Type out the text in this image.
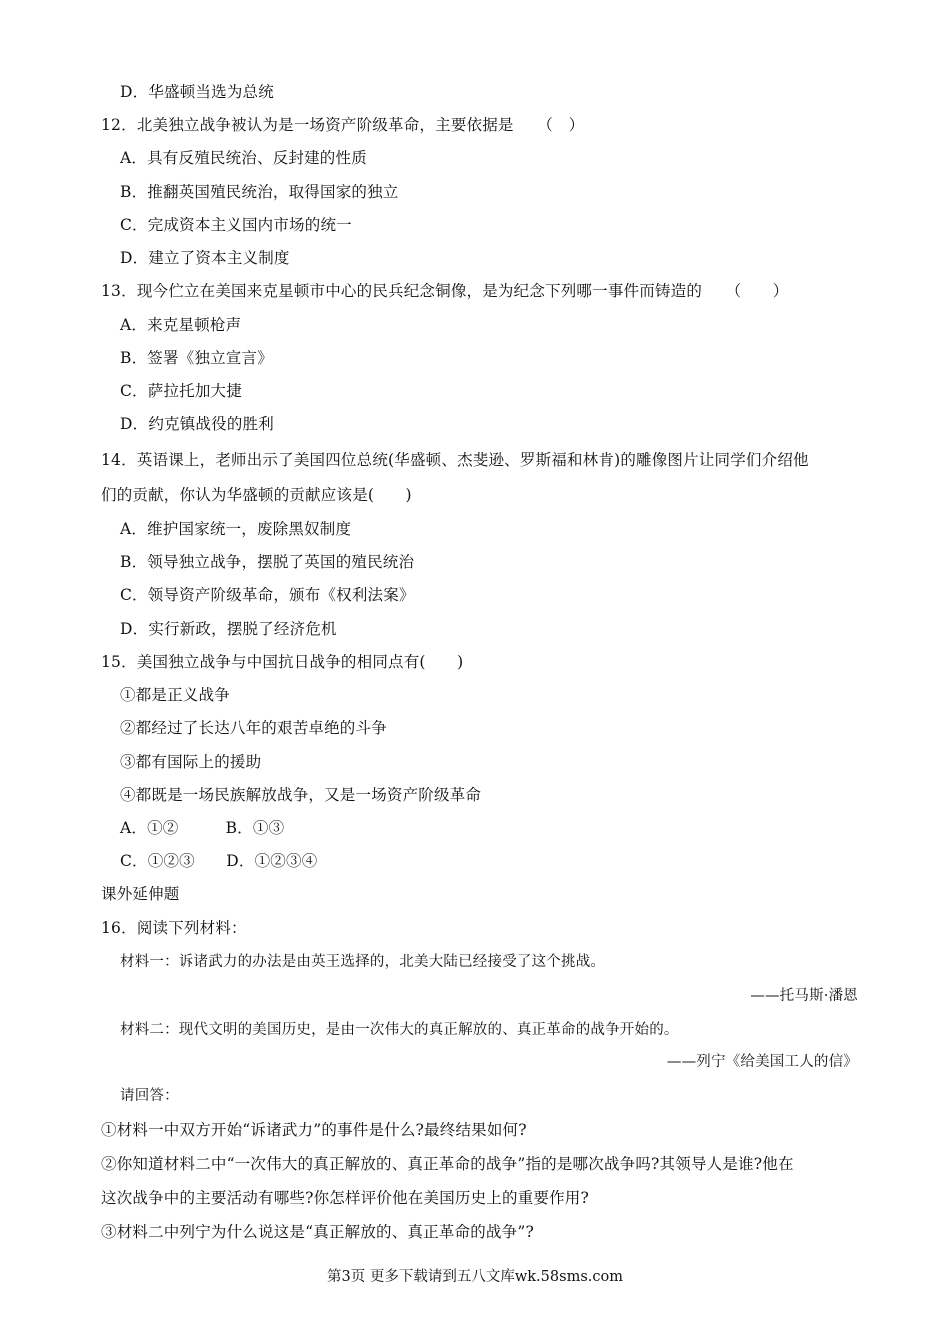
D．华盛顿当选为总统
12．北美独立战争被认为是一场资产阶级革命，主要依据是　　（　）
A．具有反殖民统治、反封建的性质
B．推翻英国殖民统治，取得国家的独立
C．完成资本主义国内市场的统一
D．建立了资本主义制度
13．现今伫立在美国来克星顿市中心的民兵纪念铜像，是为纪念下列哪一事件而铸造的　　（　　）
A．来克星顿枪声
B．签署《独立宣言》
C．萨拉托加大捷
D．约克镇战役的胜利
14．英语课上，老师出示了美国四位总统(华盛顿、杰斐逊、罗斯福和林肯)的雕像图片让同学们介绍他
们的贡献，你认为华盛顿的贡献应该是(　　)
A．维护国家统一，废除黑奴制度
B．领导独立战争，摆脱了英国的殖民统治
C．领导资产阶级革命，颁布《权利法案》
D．实行新政，摆脱了经济危机
15．美国独立战争与中国抗日战争的相同点有(　　)
①都是正义战争
②都经过了长达八年的艰苦卓绝的斗争
③都有国际上的援助
④都既是一场民族解放战争，又是一场资产阶级革命
A．①②　　　B．①③
C．①②③　　D．①②③④
课外延伸题
16．阅读下列材料：
材料一：诉诸武力的办法是由英王选择的，北美大陆已经接受了这个挑战。
——托马斯·潘恩
材料二：现代文明的美国历史，是由一次伟大的真正解放的、真正革命的战争开始的。
——列宁《给美国工人的信》
请回答：
①材料一中双方开始“诉诸武力”的事件是什么?最终结果如何?
②你知道材料二中“一次伟大的真正解放的、真正革命的战争”指的是哪次战争吗?其领导人是谁?他在
这次战争中的主要活动有哪些?你怎样评价他在美国历史上的重要作用?
③材料二中列宁为什么说这是“真正解放的、真正革命的战争”?
第3页 更多下载请到五八文库wk.58sms.com
